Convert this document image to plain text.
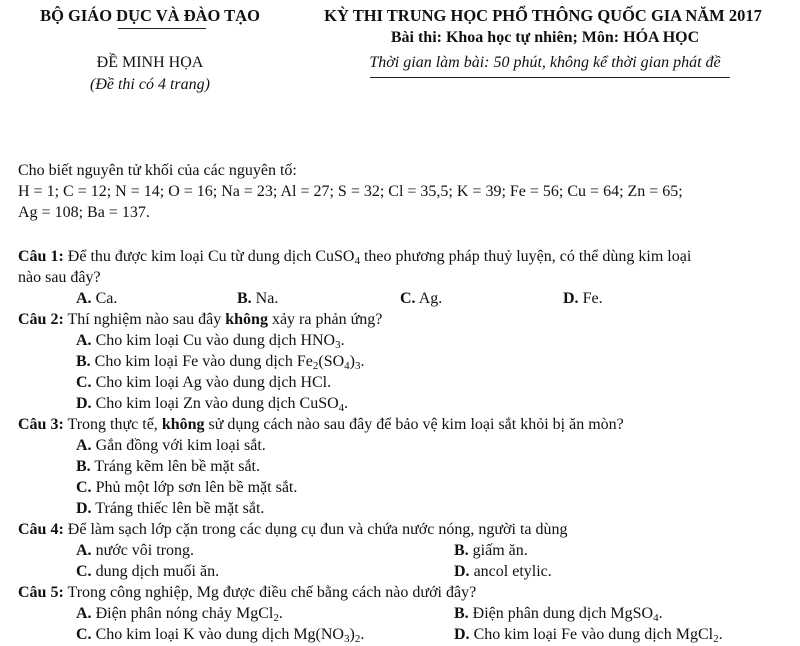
BỘ GIÁO DỤC VÀ ĐÀO TẠO	KỲ THI TRUNG HỌC PHỔ THÔNG QUỐC GIA NĂM 2017
Bài thi: Khoa học tự nhiên; Môn: HÓA HỌC
ĐỀ MINH HỌA
(Đề thi có 4 trang)
Thời gian làm bài: 50 phút, không kể thời gian phát đề
Cho biết nguyên tử khối của các nguyên tố:
H = 1; C = 12; N = 14; O = 16; Na = 23; Al = 27; S = 32; Cl = 35,5; K = 39; Fe = 56; Cu = 64; Zn = 65;
Ag = 108; Ba = 137.
Câu 1: Để thu được kim loại Cu từ dung dịch CuSO$_4$ theo phương pháp thuỷ luyện, có thể dùng kim loại
nào sau đây?
A. Ca.	B. Na.	C. Ag.	D. Fe.
Câu 2: Thí nghiệm nào sau đây không xảy ra phản ứng?
A. Cho kim loại Cu vào dung dịch $HNO_3$.
B. Cho kim loại Fe vào dung dịch $Fe_2(SO_4)_3$.
C. Cho kim loại Ag vào dung dịch HCl.
D. Cho kim loại Zn vào dung dịch CuSO$_4$.
Câu 3: Trong thực tế, không sử dụng cách nào sau đây để bảo vệ kim loại sắt khỏi bị ăn mòn?
A. Gắn đồng với kim loại sắt.
B. Tráng kẽm lên bề mặt sắt.
C. Phủ một lớp sơn lên bề mặt sắt.
D. Tráng thiếc lên bề mặt sắt.
Câu 4: Để làm sạch lớp cặn trong các dụng cụ đun và chứa nước nóng, người ta dùng
A. nước vôi trong.	B. giấm ăn.
C. dung dịch muối ăn.	D. ancol etylic.
Câu 5: Trong công nghiệp, Mg được điều chế bằng cách nào dưới đây?
A. Điện phân nóng chảy MgCl$_2$.	B. Điện phân dung dịch MgSO$_4$.
C. Cho kim loại K vào dung dịch $Mg(NO_3)_2$.	D. Cho kim loại Fe vào dung dịch MgCl$_2$.
